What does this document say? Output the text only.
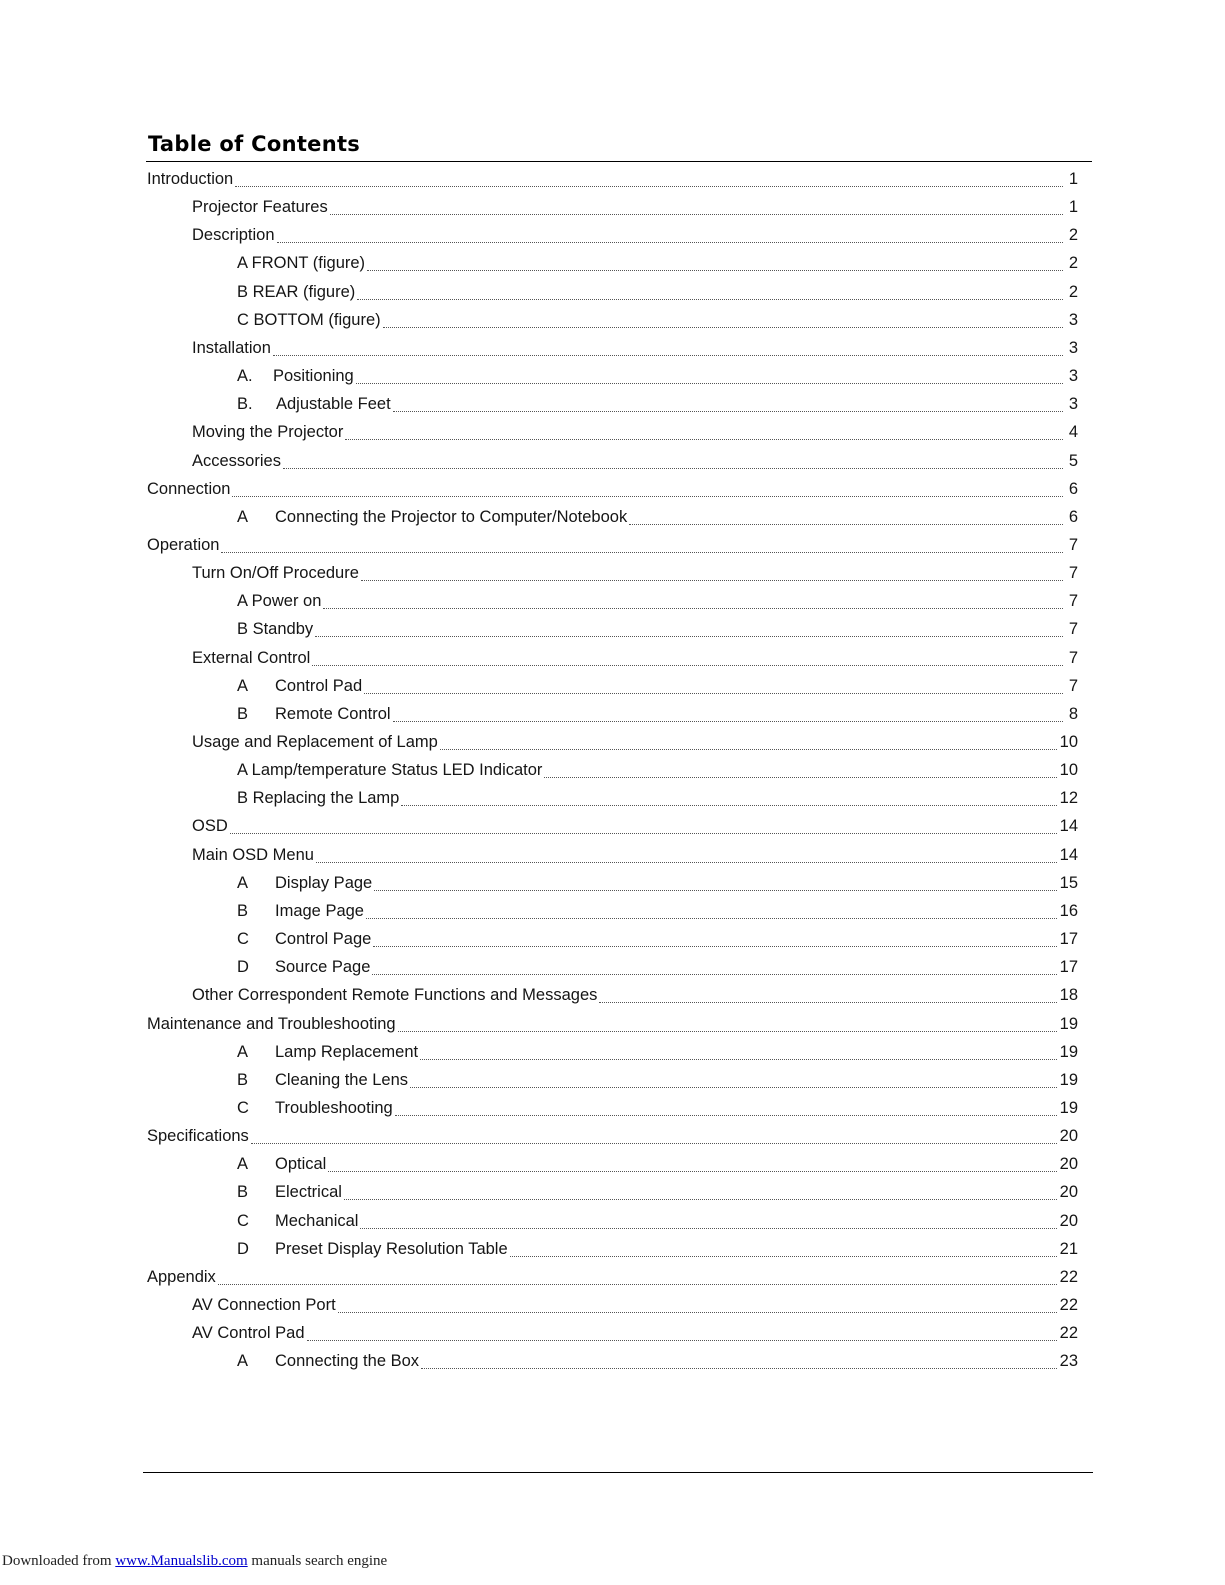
Table of Contents
Introduction	1
Projector Features	1
Description	2
A FRONT (figure)	2
B REAR (figure)	2
C BOTTOM (figure)	3
Installation	3
A. Positioning	3
B. Adjustable Feet	3
Moving the Projector	4
Accessories	5
Connection	6
A Connecting the Projector to Computer/Notebook	6
Operation	7
Turn On/Off Procedure	7
A Power on	7
B Standby	7
External Control	7
A Control Pad	7
B Remote Control	8
Usage and Replacement of Lamp	10
A Lamp/temperature Status LED Indicator	10
B Replacing the Lamp	12
OSD	14
Main OSD Menu	14
A Display Page	15
B Image Page	16
C Control Page	17
D Source Page	17
Other Correspondent Remote Functions and Messages	18
Maintenance and Troubleshooting	19
A Lamp Replacement	19
B Cleaning the Lens	19
C Troubleshooting	19
Specifications	20
A Optical	20
B Electrical	20
C Mechanical	20
D Preset Display Resolution Table	21
Appendix	22
AV Connection Port	22
AV Control Pad	22
A Connecting the Box	23
Downloaded from www.Manualslib.com manuals search engine
